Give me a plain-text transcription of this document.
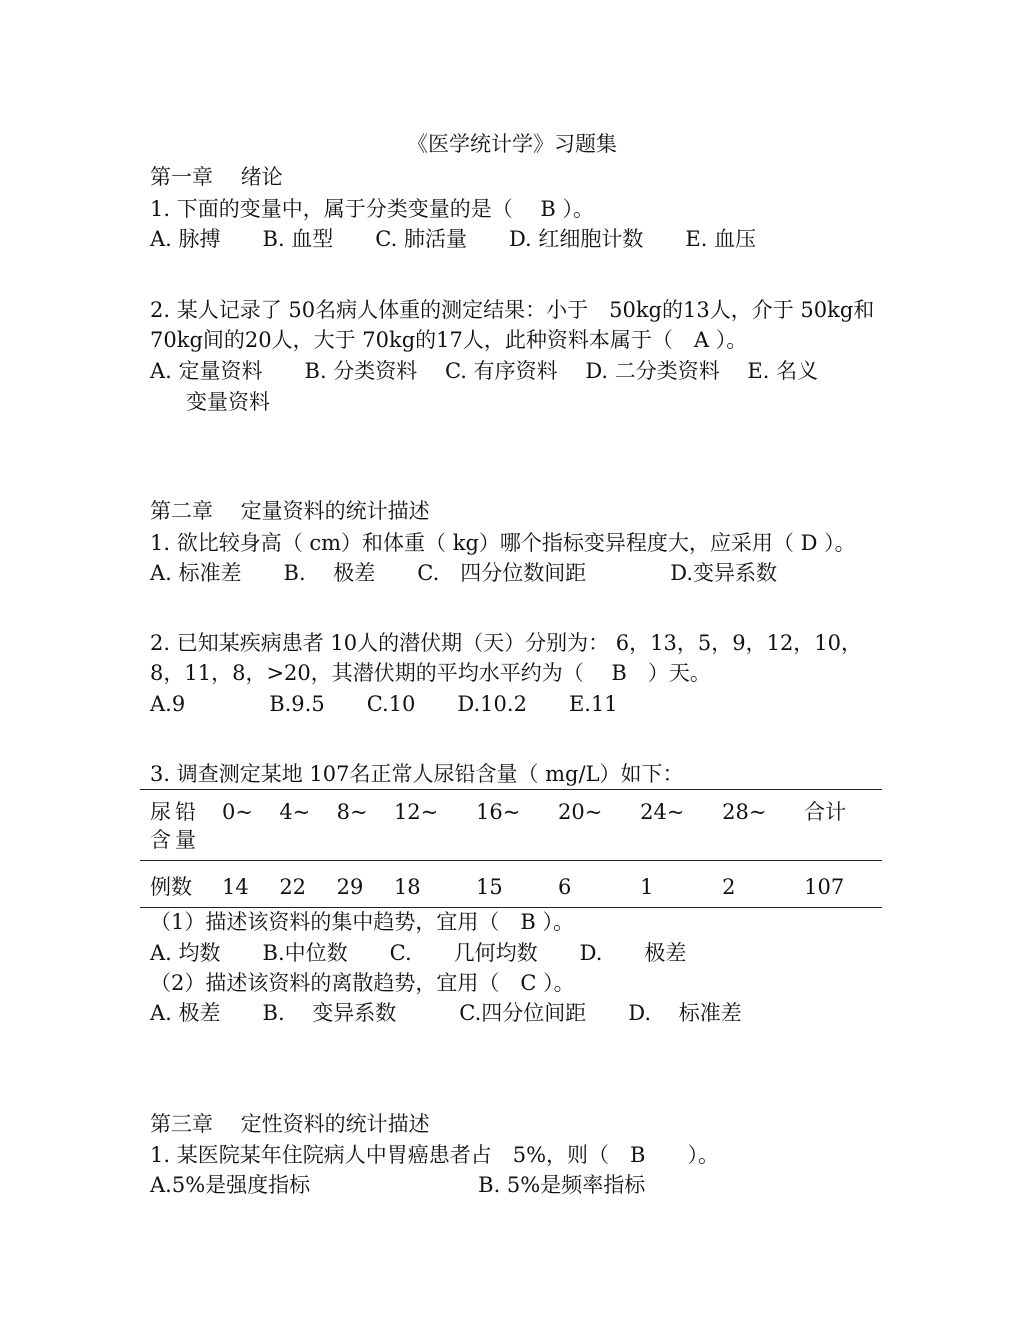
《医学统计学》习题集
第一章　 绪论
1. 下面的变量中，属于分类变量的是（　 B ）。
A. 脉搏　　B. 血型　　C. 肺活量　　D. 红细胞计数　　E. 血压
2. 某人记录了 50名病人体重的测定结果：小于　50kg的13人，介于 50kg和
70kg间的20人，大于 70kg的17人，此种资料本属于（　A ）。
A. 定量资料　　B. 分类资料　 C. 有序资料　 D. 二分类资料　 E. 名义
变量资料
第二章　 定量资料的统计描述
1. 欲比较身高（ cm）和体重（ kg）哪个指标变异程度大，应采用（ D ）。
A. 标准差　　B.　 极差　　C.　四分位数间距　　　　D.变异系数
2. 已知某疾病患者 10人的潜伏期（天）分别为： 6，13，5，9，12，10，
8，11，8，>20，其潜伏期的平均水平约为（　 B　）天。
A.9　　　　B.9.5　　C.10　　D.10.2　　E.11
3. 调查测定某地 107名正常人尿铅含量（ mg/L）如下：
尿铅含量	0~	4~	8~	12~	16~	20~	24~	28~	合计
例数	14	22	29	18	15	6	1	2	107
（1）描述该资料的集中趋势，宜用（　B ）。
A. 均数　　B.中位数　　C.　　几何均数　　D.　　极差
（2）描述该资料的离散趋势，宜用（　C ）。
A. 极差　　B.　 变异系数　　　C.四分位间距　　D.　 标准差
第三章　 定性资料的统计描述
1. 某医院某年住院病人中胃癌患者占　5%，则（　B　　）。
A.5%是强度指标　　　　　　　　B. 5%是频率指标
